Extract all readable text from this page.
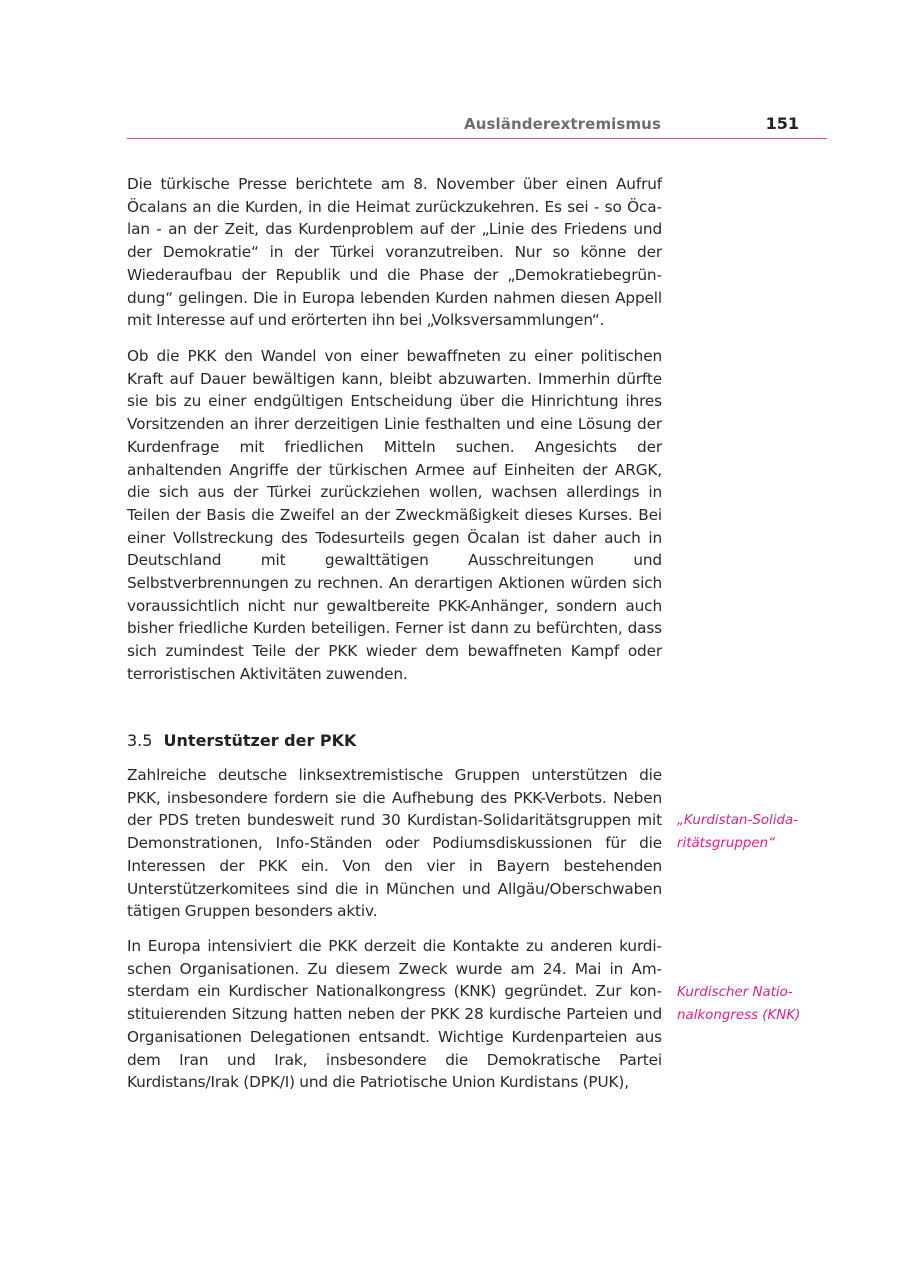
Ausländerextremismus	151

Die türkische Presse berichtete am 8. November über einen Aufruf Öcalans an die Kurden, in die Heimat zurückzukehren. Es sei - so Öcalan - an der Zeit, das Kurdenproblem auf der „Linie des Friedens und der Demokratie“ in der Türkei voranzutreiben. Nur so könne der Wiederaufbau der Republik und die Phase der „Demokratiebegründung“ gelingen. Die in Europa lebenden Kurden nahmen diesen Appell mit Interesse auf und erörterten ihn bei „Volksversammlungen“.

Ob die PKK den Wandel von einer bewaffneten zu einer politischen Kraft auf Dauer bewältigen kann, bleibt abzuwarten. Immerhin dürfte sie bis zu einer endgültigen Entscheidung über die Hinrichtung ihres Vorsitzenden an ihrer derzeitigen Linie festhalten und eine Lösung der Kurdenfrage mit friedlichen Mitteln suchen. Angesichts der anhaltenden Angriffe der türkischen Armee auf Einheiten der ARGK, die sich aus der Türkei zurückziehen wollen, wachsen allerdings in Teilen der Basis die Zweifel an der Zweckmäßigkeit dieses Kurses. Bei einer Vollstreckung des Todesurteils gegen Öcalan ist daher auch in Deutschland mit gewalttätigen Ausschreitungen und Selbstverbrennungen zu rechnen. An derartigen Aktionen würden sich voraussichtlich nicht nur gewaltbereite PKK-Anhänger, sondern auch bisher friedliche Kurden beteiligen. Ferner ist dann zu befürchten, dass sich zumindest Teile der PKK wieder dem bewaffneten Kampf oder terroristischen Aktivitäten zuwenden.

3.5 Unterstützer der PKK

Zahlreiche deutsche linksextremistische Gruppen unterstützen die PKK, insbesondere fordern sie die Aufhebung des PKK-Verbots. Neben der PDS treten bundesweit rund 30 Kurdistan-Solidaritätsgruppen mit Demonstrationen, Info-Ständen oder Podiumsdiskussionen für die Interessen der PKK ein. Von den vier in Bayern bestehenden Unterstützerkomitees sind die in München und Allgäu/Oberschwaben tätigen Gruppen besonders aktiv.

In Europa intensiviert die PKK derzeit die Kontakte zu anderen kurdischen Organisationen. Zu diesem Zweck wurde am 24. Mai in Amsterdam ein Kurdischer Nationalkongress (KNK) gegründet. Zur konstituierenden Sitzung hatten neben der PKK 28 kurdische Parteien und Organisationen Delegationen entsandt. Wichtige Kurdenparteien aus dem Iran und Irak, insbesondere die Demokratische Partei Kurdistans/Irak (DPK/I) und die Patriotische Union Kurdistans (PUK),

„Kurdistan-Solidaritätsgruppen“
Kurdischer Nationalkongress (KNK)
